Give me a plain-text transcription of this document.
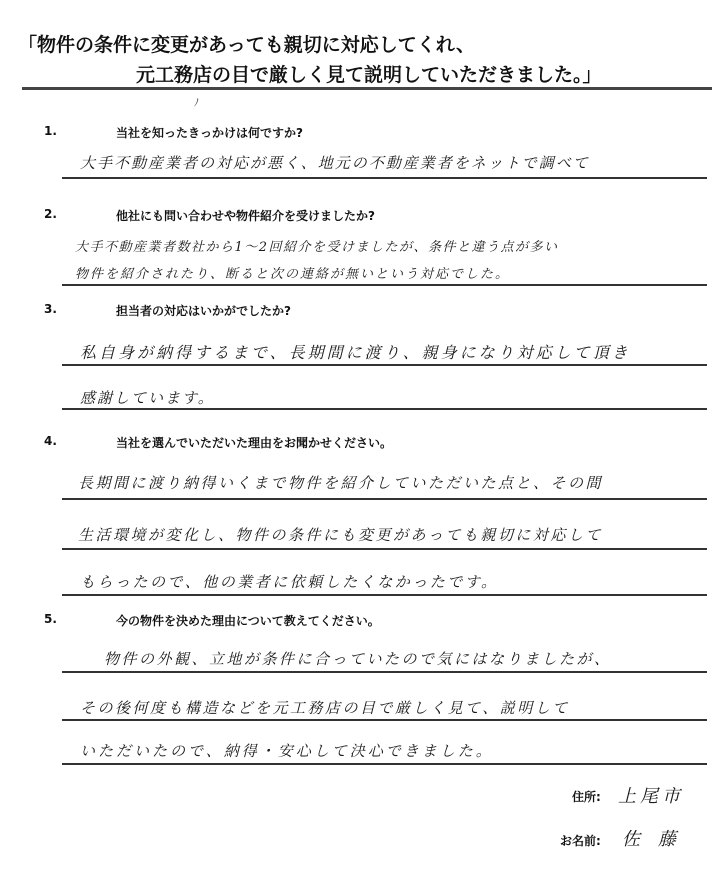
「物件の条件に変更があっても親切に対応してくれ、
元工務店の目で厳しく見て説明していただきました。」
ﾉ
1.	当社を知ったきっかけは何ですか?
大手不動産業者の対応が悪く、地元の不動産業者をネットで調べて
2.	他社にも問い合わせや物件紹介を受けましたか?
大手不動産業者数社から1〜2回紹介を受けましたが、条件と違う点が多い
物件を紹介されたり、断ると次の連絡が無いという対応でした。
3.	担当者の対応はいかがでしたか?
私自身が納得するまで、長期間に渡り、親身になり対応して頂き
感謝しています。
4.	当社を選んでいただいた理由をお聞かせください。
長期間に渡り納得いくまで物件を紹介していただいた点と、その間
生活環境が変化し、物件の条件にも変更があっても親切に対応して
もらったので、他の業者に依頼したくなかったです。
5.	今の物件を決めた理由について教えてください。
物件の外観、立地が条件に合っていたので気にはなりましたが、
その後何度も構造などを元工務店の目で厳しく見て、説明して
いただいたので、納得・安心して決心できました。
住所: 上尾市
お名前: 佐藤
